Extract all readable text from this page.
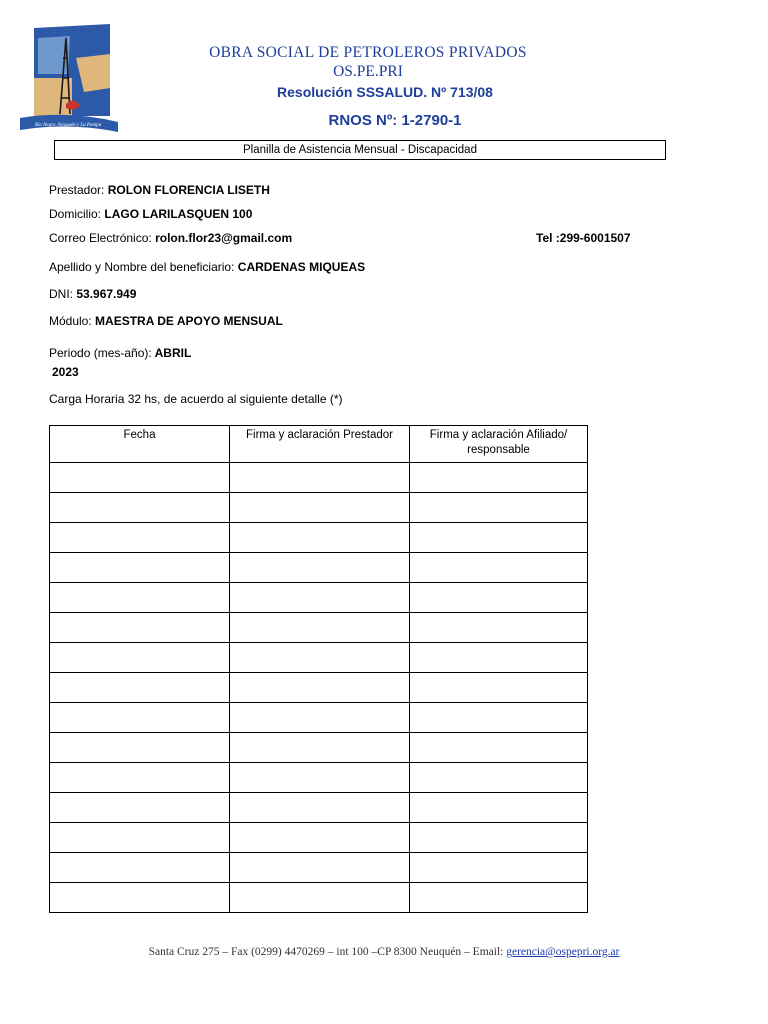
Río Negro, Neuquén y La Pampa
OBRA SOCIAL DE PETROLEROS PRIVADOS
OS.PE.PRI
Resolución SSSALUD. Nº 713/08
RNOS Nº: 1-2790-1
Planilla de Asistencia Mensual - Discapacidad
Prestador: ROLON FLORENCIA LISETH
Domicilio: LAGO LARILASQUEN 100
Correo Electrónico: rolon.flor23@gmail.com	Tel :299-6001507
Apellido y Nombre del beneficiario: CARDENAS MIQUEAS
DNI: 53.967.949
Módulo: MAESTRA DE APOYO MENSUAL
Periodo (mes-año): ABRIL
2023
Carga Horaria 32 hs, de acuerdo al siguiente detalle (*)
Fecha	Firma y aclaración Prestador	Firma y aclaración Afiliado/ responsable

Santa Cruz 275 – Fax (0299) 4470269 – int 100 –CP 8300 Neuquén – Email: gerencia@ospepri.org.ar
